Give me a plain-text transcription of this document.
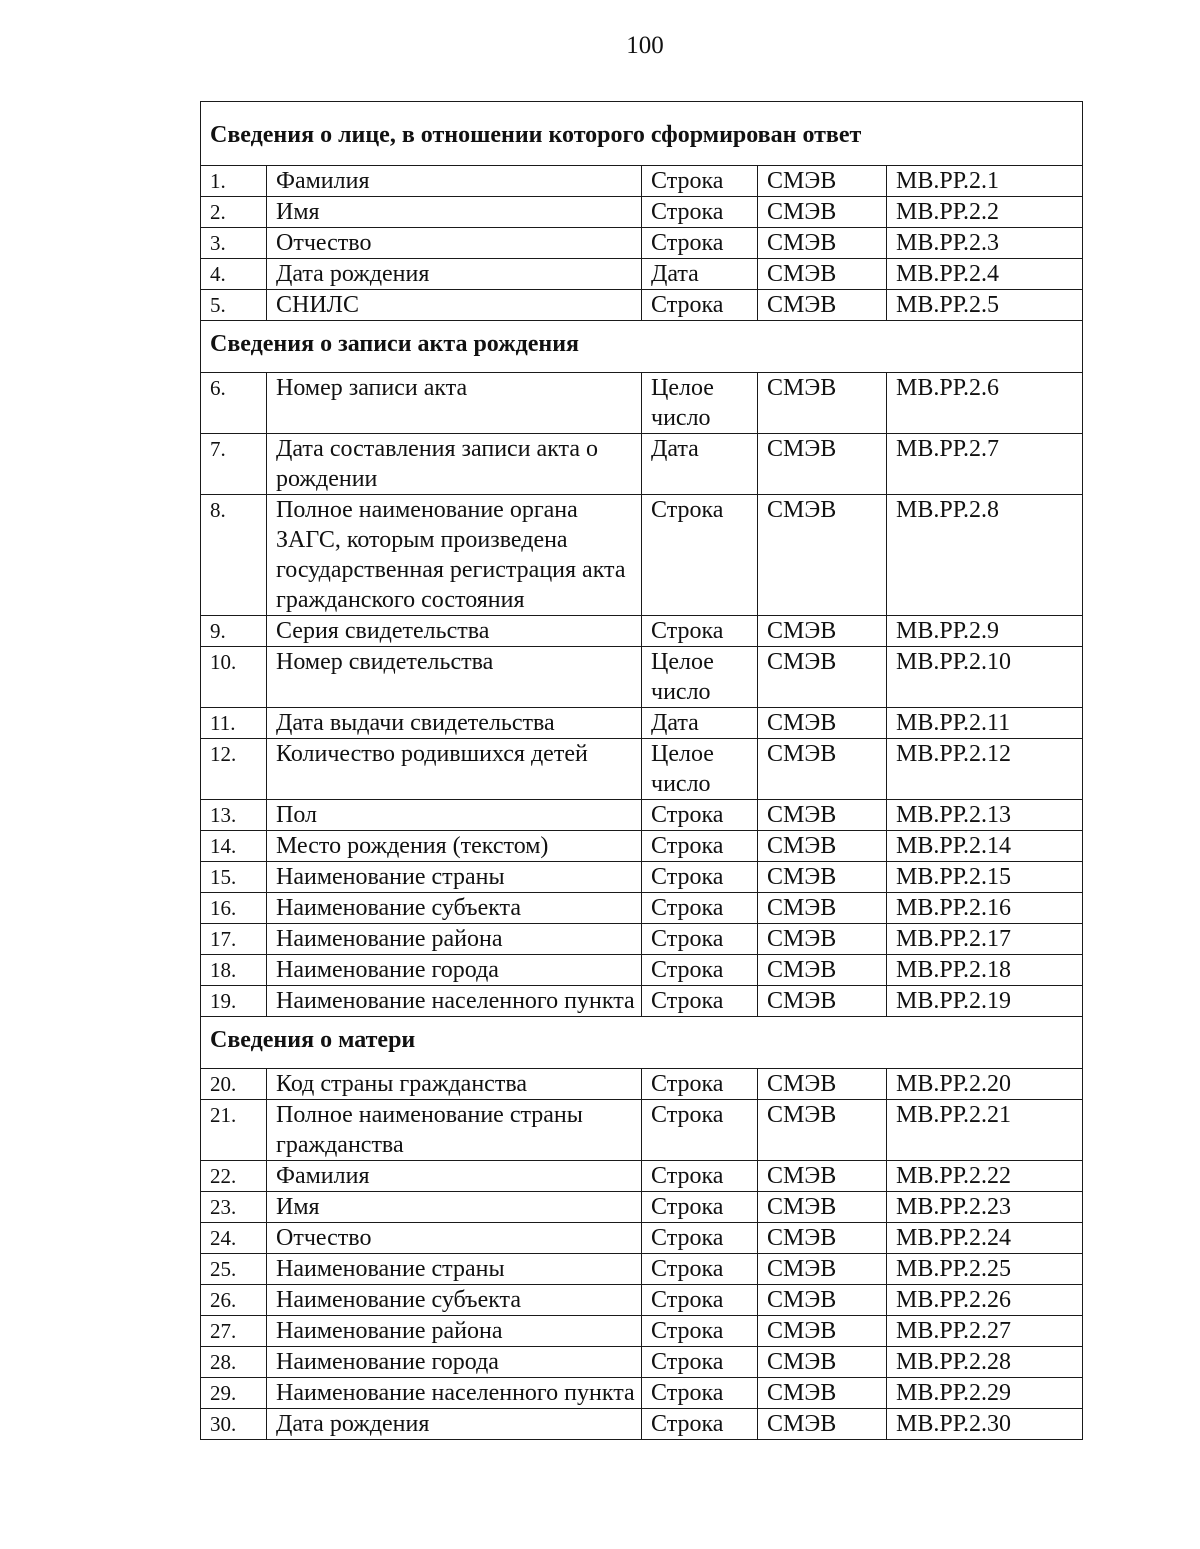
100
Сведения о лице, в отношении которого сформирован ответ				
1.	Фамилия	Строка	СМЭВ	МВ.РР.2.1
2.	Имя	Строка	СМЭВ	МВ.РР.2.2
3.	Отчество	Строка	СМЭВ	МВ.РР.2.3
4.	Дата рождения	Дата	СМЭВ	МВ.РР.2.4
5.	СНИЛС	Строка	СМЭВ	МВ.РР.2.5
Сведения о записи акта рождения				
6.	Номер записи акта	Целое число	СМЭВ	МВ.РР.2.6
7.	Дата составления записи акта о рождении	Дата	СМЭВ	МВ.РР.2.7
8.	Полное наименование органа ЗАГС, которым произведена государственная регистрация акта гражданского состояния	Строка	СМЭВ	МВ.РР.2.8
9.	Серия свидетельства	Строка	СМЭВ	МВ.РР.2.9
10.	Номер свидетельства	Целое число	СМЭВ	МВ.РР.2.10
11.	Дата выдачи свидетельства	Дата	СМЭВ	МВ.РР.2.11
12.	Количество родившихся детей	Целое число	СМЭВ	МВ.РР.2.12
13.	Пол	Строка	СМЭВ	МВ.РР.2.13
14.	Место рождения (текстом)	Строка	СМЭВ	МВ.РР.2.14
15.	Наименование страны	Строка	СМЭВ	МВ.РР.2.15
16.	Наименование субъекта	Строка	СМЭВ	МВ.РР.2.16
17.	Наименование района	Строка	СМЭВ	МВ.РР.2.17
18.	Наименование города	Строка	СМЭВ	МВ.РР.2.18
19.	Наименование населенного пункта	Строка	СМЭВ	МВ.РР.2.19
Сведения о матери				
20.	Код страны гражданства	Строка	СМЭВ	МВ.РР.2.20
21.	Полное наименование страны гражданства	Строка	СМЭВ	МВ.РР.2.21
22.	Фамилия	Строка	СМЭВ	МВ.РР.2.22
23.	Имя	Строка	СМЭВ	МВ.РР.2.23
24.	Отчество	Строка	СМЭВ	МВ.РР.2.24
25.	Наименование страны	Строка	СМЭВ	МВ.РР.2.25
26.	Наименование субъекта	Строка	СМЭВ	МВ.РР.2.26
27.	Наименование района	Строка	СМЭВ	МВ.РР.2.27
28.	Наименование города	Строка	СМЭВ	МВ.РР.2.28
29.	Наименование населенного пункта	Строка	СМЭВ	МВ.РР.2.29
30.	Дата рождения	Строка	СМЭВ	МВ.РР.2.30
